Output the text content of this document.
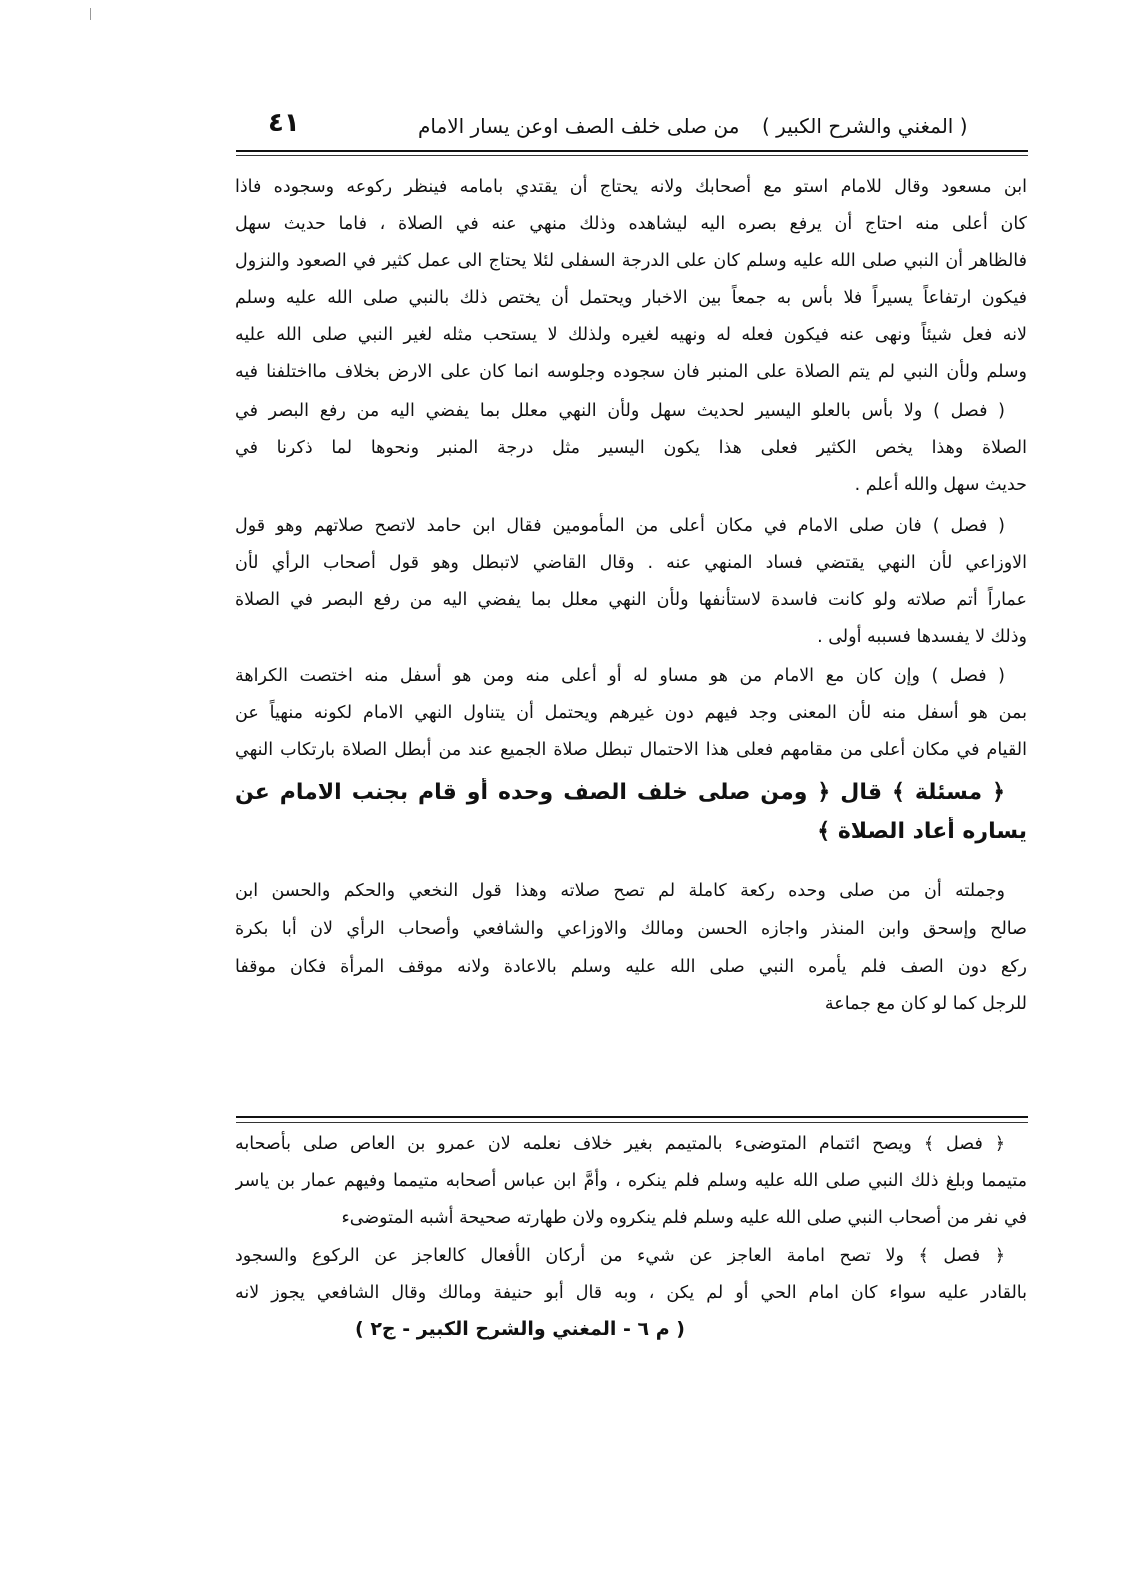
٤١	من صلى خلف الصف اوعن يسار الامام ( المغني والشرح الكبير )
ابن مسعود وقال للامام استو مع أصحابك ولانه يحتاج أن يقتدي بامامه فينظر ركوعه وسجوده فاذا
كان أعلى منه احتاج أن يرفع بصره اليه ليشاهده وذلك منهي عنه في الصلاة ، فاما حديث سهل
فالظاهر أن النبي صلى الله عليه وسلم كان على الدرجة السفلى لئلا يحتاج الى عمل كثير في الصعود والنزول
فيكون ارتفاعاً يسيراً فلا بأس به جمعاً بين الاخبار ويحتمل أن يختص ذلك بالنبي صلى الله عليه وسلم
لانه فعل شيئاً ونهى عنه فيكون فعله له ونهيه لغيره ولذلك لا يستحب مثله لغير النبي صلى الله عليه
وسلم ولأن النبي لم يتم الصلاة على المنبر فان سجوده وجلوسه انما كان على الارض بخلاف مااختلفنا فيه
( فصل ) ولا بأس بالعلو اليسير لحديث سهل ولأن النهي معلل بما يفضي اليه من رفع البصر في
الصلاة وهذا يخص الكثير فعلى هذا يكون اليسير مثل درجة المنبر ونحوها لما ذكرنا في
حديث سهل والله أعلم .
( فصل ) فان صلى الامام في مكان أعلى من المأمومين فقال ابن حامد لاتصح صلاتهم وهو قول
الاوزاعي لأن النهي يقتضي فساد المنهي عنه . وقال القاضي لاتبطل وهو قول أصحاب الرأي لأن
عماراً أتم صلاته ولو كانت فاسدة لاستأنفها ولأن النهي معلل بما يفضي اليه من رفع البصر في الصلاة
وذلك لا يفسدها فسببه أولى .
( فصل ) وإن كان مع الامام من هو مساو له أو أعلى منه ومن هو أسفل منه اختصت الكراهة
بمن هو أسفل منه لأن المعنى وجد فيهم دون غيرهم ويحتمل أن يتناول النهي الامام لكونه منهياً عن
القيام في مكان أعلى من مقامهم فعلى هذا الاحتمال تبطل صلاة الجميع عند من أبطل الصلاة بارتكاب النهي
﴿ مسئلة ﴾ قال ﴿ ومن صلى خلف الصف وحده أو قام بجنب الامام عن
يساره أعاد الصلاة ﴾
وجملته أن من صلى وحده ركعة كاملة لم تصح صلاته وهذا قول النخعي والحكم والحسن ابن
صالح وإسحق وابن المنذر واجازه الحسن ومالك والاوزاعي والشافعي وأصحاب الرأي لان أبا بكرة
ركع دون الصف فلم يأمره النبي صلى الله عليه وسلم بالاعادة ولانه موقف المرأة فكان موقفا
للرجل كما لو كان مع جماعة
﴿ فصل ﴾ ويصح ائتمام المتوضىء بالمتيمم بغير خلاف نعلمه لان عمرو بن العاص صلى بأصحابه
متيمما وبلغ ذلك النبي صلى الله عليه وسلم فلم ينكره ، وأمَّ ابن عباس أصحابه متيمما وفيهم عمار بن ياسر
في نفر من أصحاب النبي صلى الله عليه وسلم فلم ينكروه ولان طهارته صحيحة أشبه المتوضىء
﴿ فصل ﴾ ولا تصح امامة العاجز عن شيء من أركان الأفعال كالعاجز عن الركوع والسجود
بالقادر عليه سواء كان امام الحي أو لم يكن ، وبه قال أبو حنيفة ومالك وقال الشافعي يجوز لانه
( م ٦ - المغني والشرح الكبير - ج٢ )
